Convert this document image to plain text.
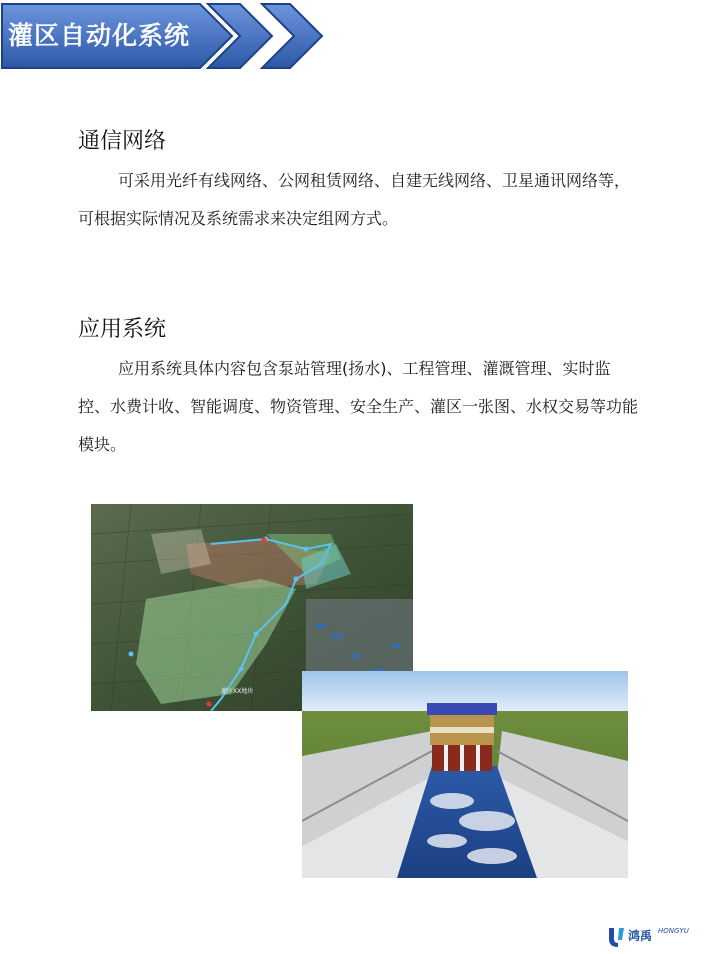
灌区自动化系统
通信网络

可采用光纤有线网络、公网租赁网络、自建无线网络、卫星通讯网络等，可根据实际情况及系统需求来决定组网方式。

应用系统

应用系统具体内容包含泵站管理(扬水)、工程管理、灌溉管理、实时监控、水费计收、智能调度、物资管理、安全生产、灌区一张图、水权交易等功能模块。

灌区XX地块
鸿禹 HONGYU
